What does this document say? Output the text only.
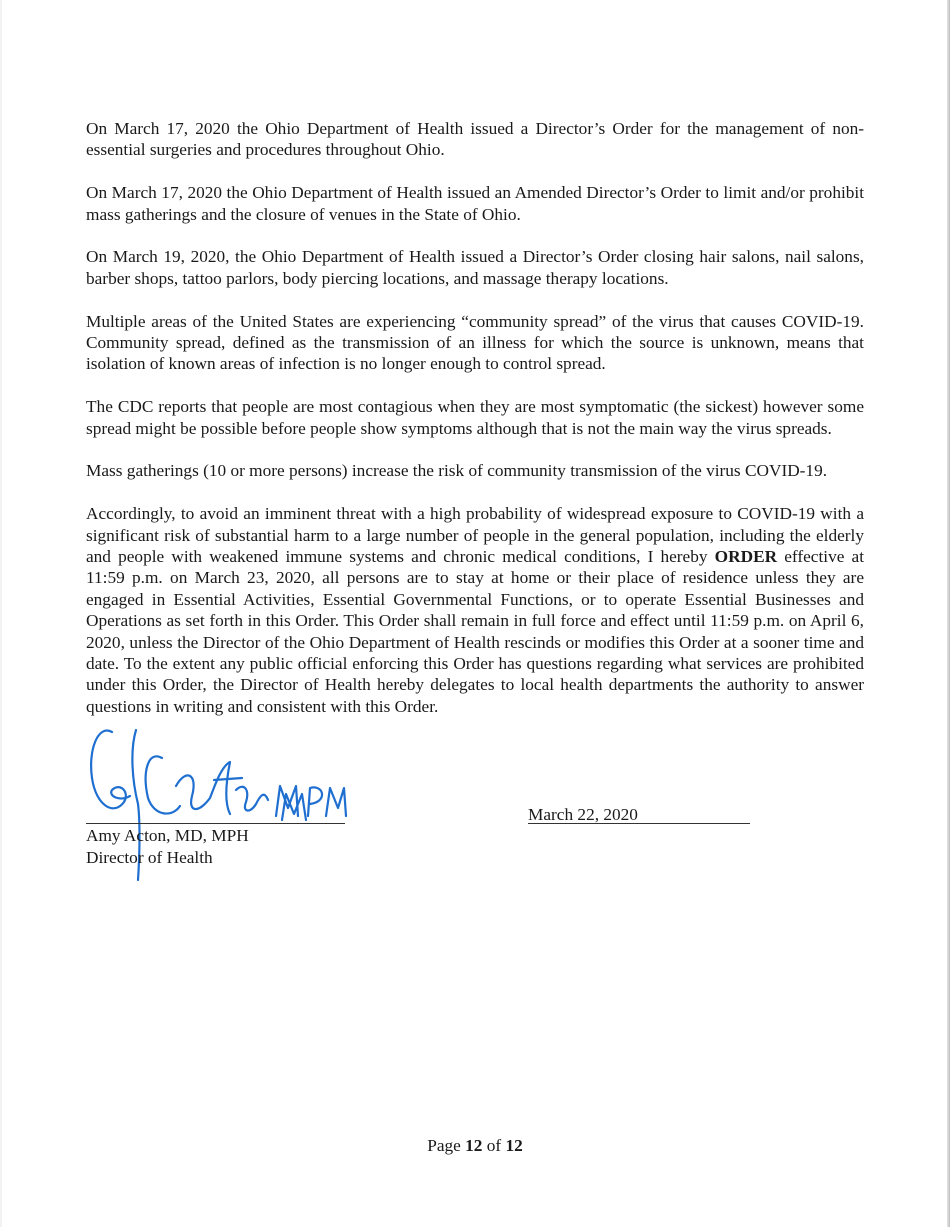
On March 17, 2020 the Ohio Department of Health issued a Director’s Order for the management of non-essential surgeries and procedures throughout Ohio.

On March 17, 2020 the Ohio Department of Health issued an Amended Director’s Order to limit and/or prohibit mass gatherings and the closure of venues in the State of Ohio.

On March 19, 2020, the Ohio Department of Health issued a Director’s Order closing hair salons, nail salons, barber shops, tattoo parlors, body piercing locations, and massage therapy locations.

Multiple areas of the United States are experiencing “community spread” of the virus that causes COVID-19. Community spread, defined as the transmission of an illness for which the source is unknown, means that isolation of known areas of infection is no longer enough to control spread.

The CDC reports that people are most contagious when they are most symptomatic (the sickest) however some spread might be possible before people show symptoms although that is not the main way the virus spreads.

Mass gatherings (10 or more persons) increase the risk of community transmission of the virus COVID-19.

Accordingly, to avoid an imminent threat with a high probability of widespread exposure to COVID-19 with a significant risk of substantial harm to a large number of people in the general population, including the elderly and people with weakened immune systems and chronic medical conditions, I hereby ORDER effective at 11:59 p.m. on March 23, 2020, all persons are to stay at home or their place of residence unless they are engaged in Essential Activities, Essential Governmental Functions, or to operate Essential Businesses and Operations as set forth in this Order. This Order shall remain in full force and effect until 11:59 p.m. on April 6, 2020, unless the Director of the Ohio Department of Health rescinds or modifies this Order at a sooner time and date. To the extent any public official enforcing this Order has questions regarding what services are prohibited under this Order, the Director of Health hereby delegates to local health departments the authority to answer questions in writing and consistent with this Order.

Amy Acton, MD, MPH
Director of Health
March 22, 2020
Page 12 of 12
